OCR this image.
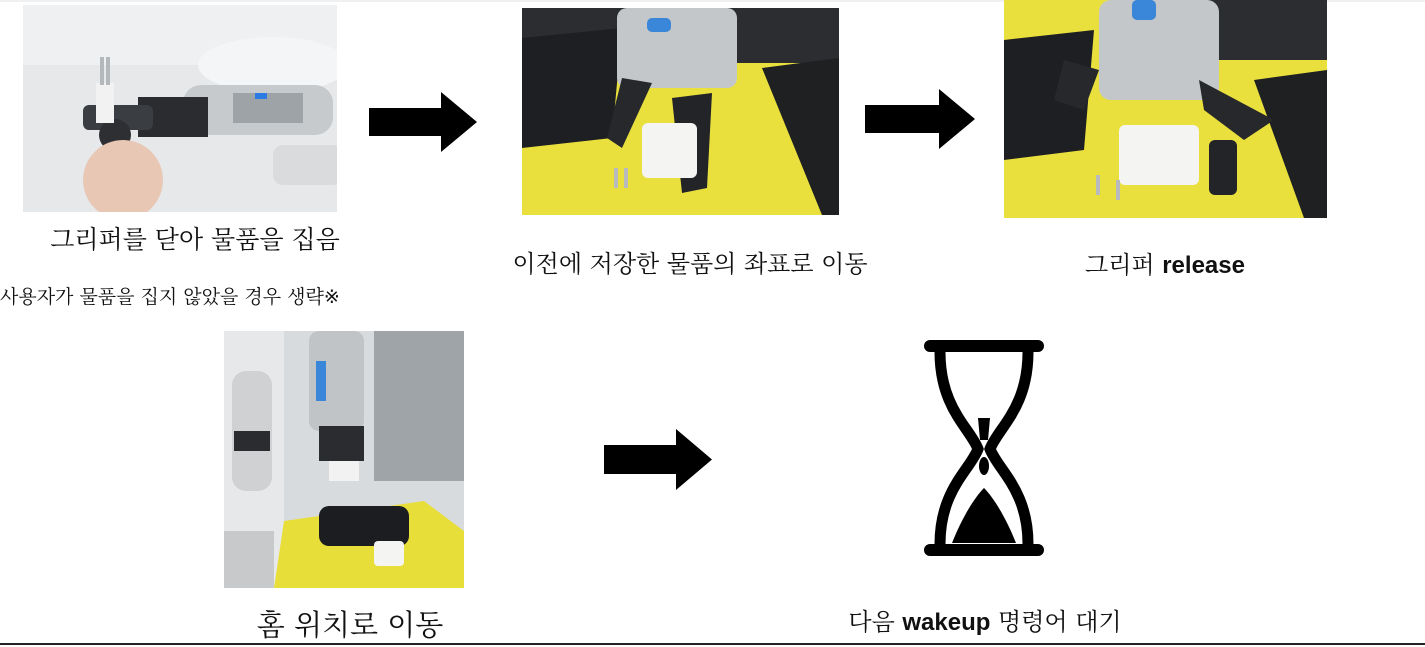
그리퍼를 닫아 물품을 집음
사용자가 물품을 집지 않았을 경우 생략※
이전에 저장한 물품의 좌표로 이동	그리퍼 release
홈 위치로 이동	다음 wakeup 명령어 대기
